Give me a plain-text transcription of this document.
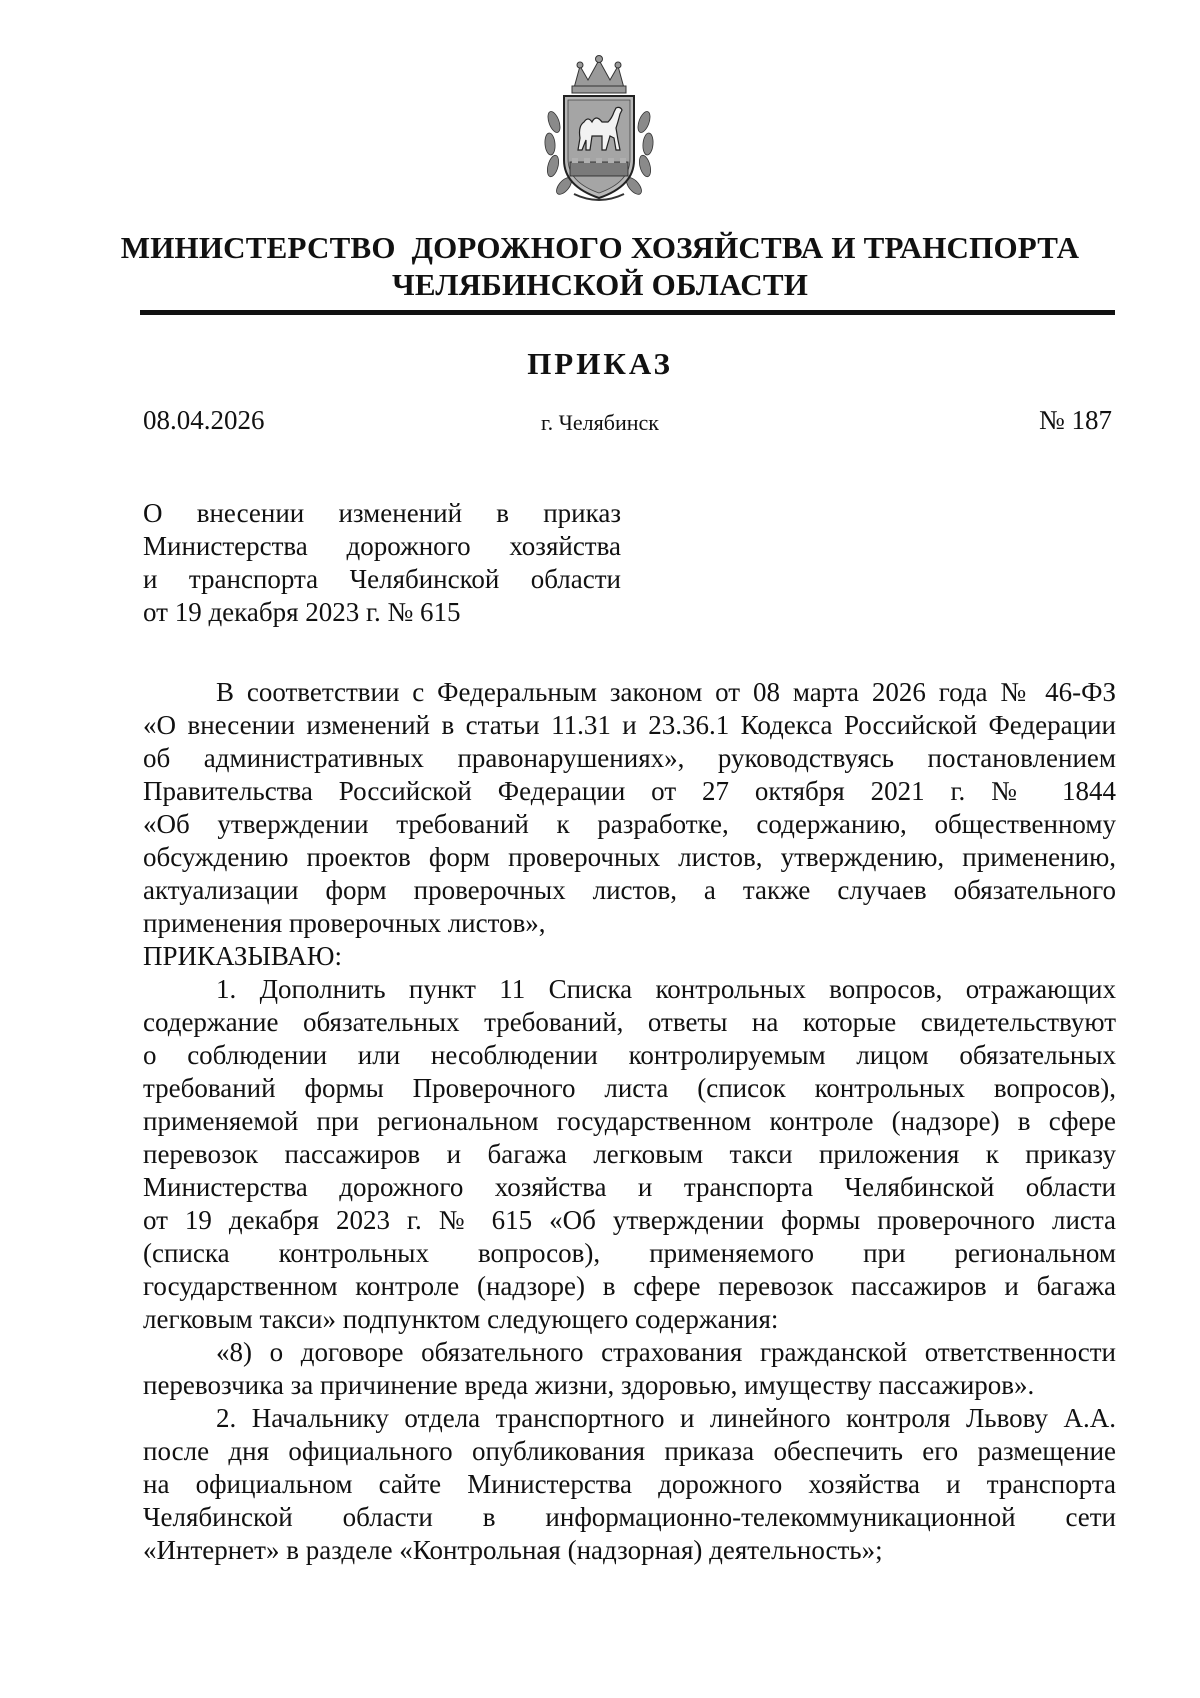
МИНИСТЕРСТВО  ДОРОЖНОГО ХОЗЯЙСТВА И ТРАНСПОРТА
ЧЕЛЯБИНСКОЙ ОБЛАСТИ
ПРИКАЗ
08.04.2026	г. Челябинск	№ 187
О внесении изменений в приказ
Министерства дорожного хозяйства
и транспорта Челябинской области
от 19 декабря 2023 г. № 615
В соответствии с Федеральным законом от 08 марта 2026 года № 46-ФЗ
«О внесении изменений в статьи 11.31 и 23.36.1 Кодекса Российской Федерации
об административных правонарушениях», руководствуясь постановлением
Правительства Российской Федерации от 27 октября 2021 г. № 1844
«Об утверждении требований к разработке, содержанию, общественному
обсуждению проектов форм проверочных листов, утверждению, применению,
актуализации форм проверочных листов, а также случаев обязательного
применения проверочных листов»,
ПРИКАЗЫВАЮ:
1. Дополнить пункт 11 Списка контрольных вопросов, отражающих
содержание обязательных требований, ответы на которые свидетельствуют
о соблюдении или несоблюдении контролируемым лицом обязательных
требований формы Проверочного листа (список контрольных вопросов),
применяемой при региональном государственном контроле (надзоре) в сфере
перевозок пассажиров и багажа легковым такси приложения к приказу
Министерства дорожного хозяйства и транспорта Челябинской области
от 19 декабря 2023 г. № 615 «Об утверждении формы проверочного листа
(списка контрольных вопросов), применяемого при региональном
государственном контроле (надзоре) в сфере перевозок пассажиров и багажа
легковым такси» подпунктом следующего содержания:
«8) о договоре обязательного страхования гражданской ответственности
перевозчика за причинение вреда жизни, здоровью, имуществу пассажиров».
2. Начальнику отдела транспортного и линейного контроля Львову А.А.
после дня официального опубликования приказа обеспечить его размещение
на официальном сайте Министерства дорожного хозяйства и транспорта
Челябинской области в информационно-телекоммуникационной сети
«Интернет» в разделе «Контрольная (надзорная) деятельность»;
